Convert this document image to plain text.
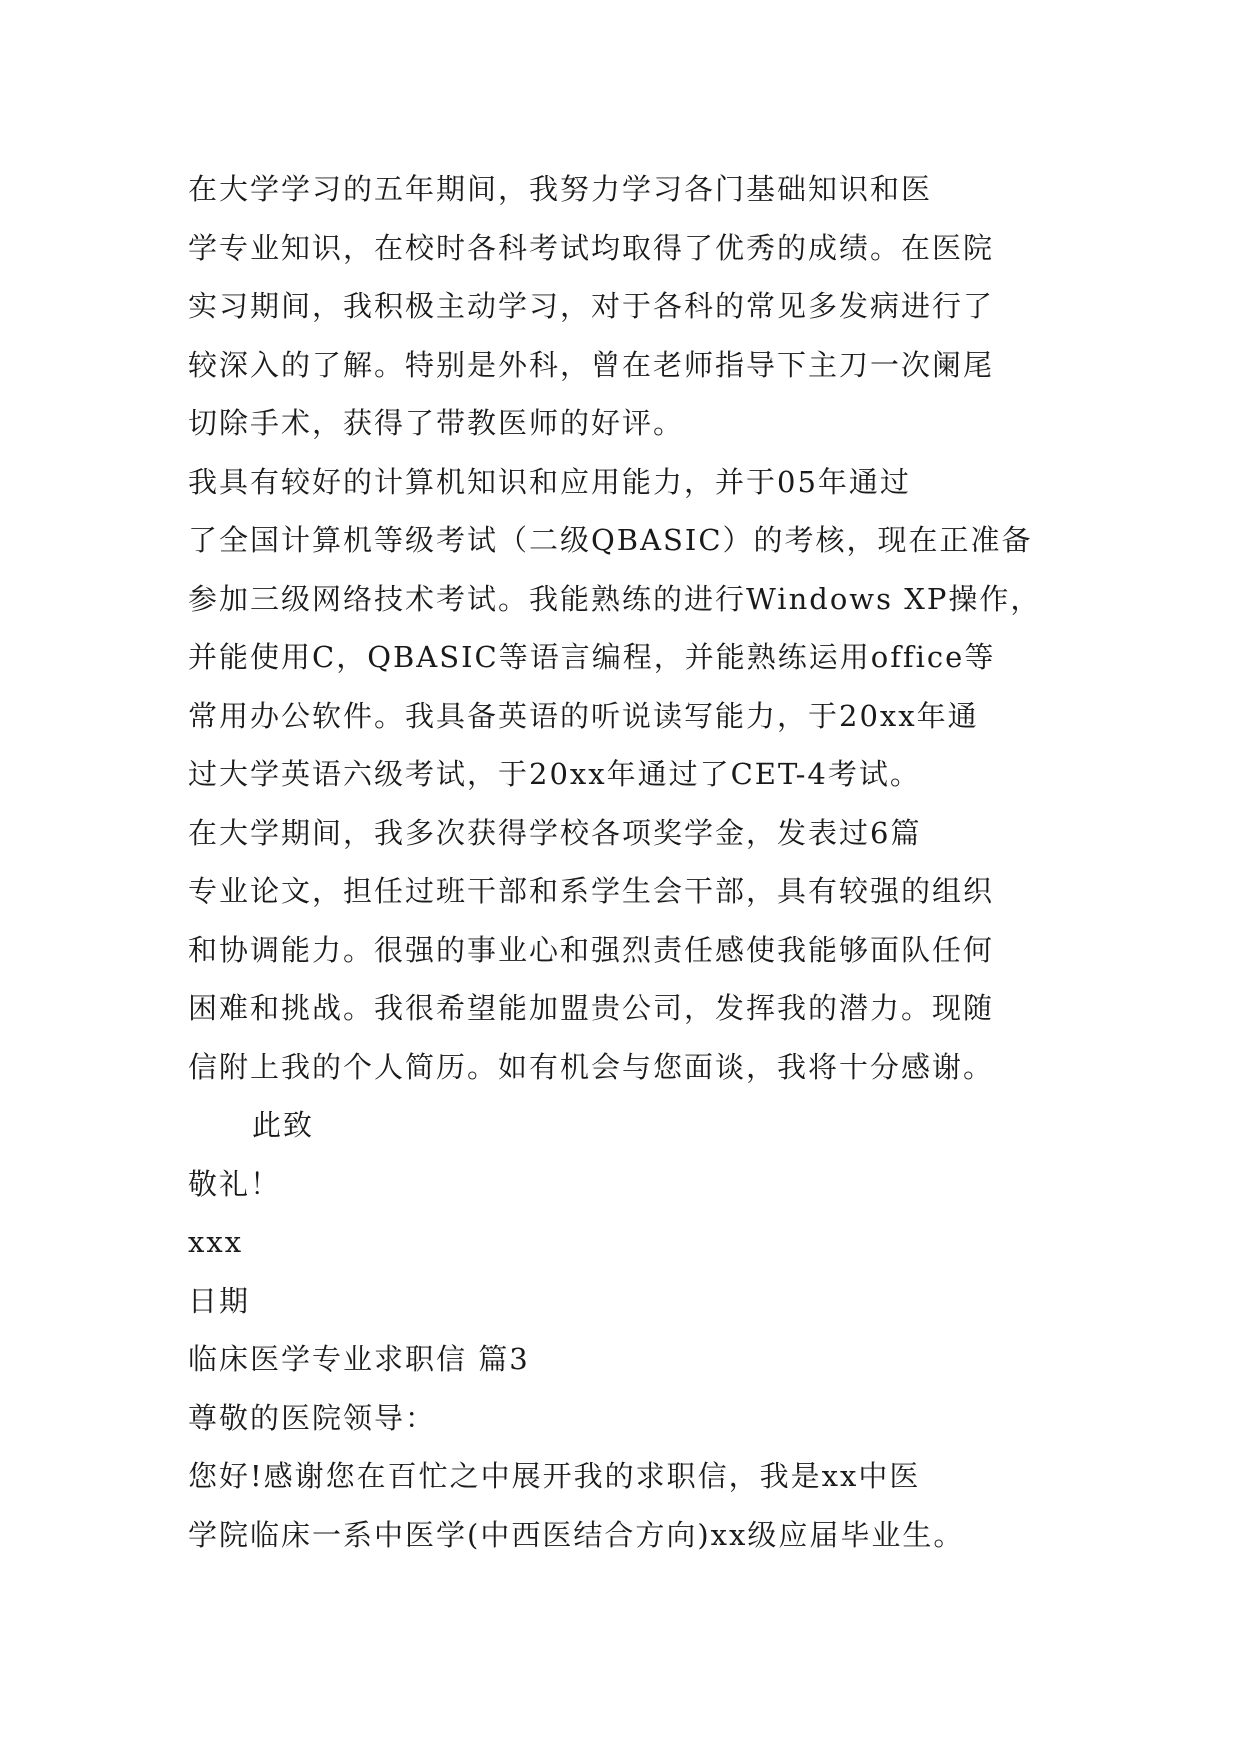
在大学学习的五年期间，我努力学习各门基础知识和医
学专业知识，在校时各科考试均取得了优秀的成绩。在医院
实习期间，我积极主动学习，对于各科的常见多发病进行了
较深入的了解。特别是外科，曾在老师指导下主刀一次阑尾
切除手术，获得了带教医师的好评。
我具有较好的计算机知识和应用能力，并于05年通过
了全国计算机等级考试（二级QBASIC）的考核，现在正准备
参加三级网络技术考试。我能熟练的进行Windows XP操作，
并能使用C，QBASIC等语言编程，并能熟练运用office等
常用办公软件。我具备英语的听说读写能力，于20xx年通
过大学英语六级考试，于20xx年通过了CET-4考试。
在大学期间，我多次获得学校各项奖学金，发表过6篇
专业论文，担任过班干部和系学生会干部，具有较强的组织
和协调能力。很强的事业心和强烈责任感使我能够面队任何
困难和挑战。我很希望能加盟贵公司，发挥我的潜力。现随
信附上我的个人简历。如有机会与您面谈，我将十分感谢。

此致

敬礼！

xxx

日期

临床医学专业求职信 篇3

尊敬的医院领导：

您好!感谢您在百忙之中展开我的求职信，我是xx中医
学院临床一系中医学(中西医结合方向)xx级应届毕业生。
